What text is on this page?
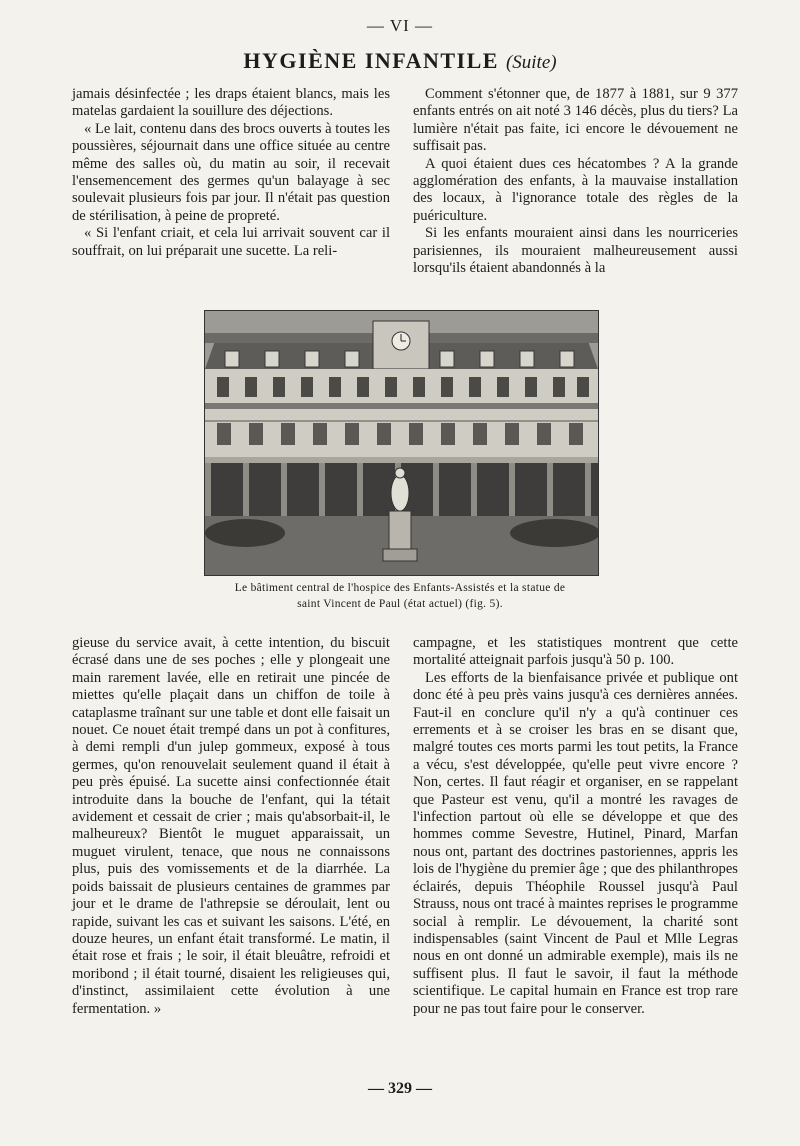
— VI —
HYGIÈNE INFANTILE (Suite)

jamais désinfectée ; les draps étaient blancs, mais les matelas gardaient la souillure des déjections.

« Le lait, contenu dans des brocs ouverts à toutes les poussières, séjournait dans une office située au centre même des salles où, du matin au soir, il recevait l'ensemencement des germes qu'un balayage à sec soulevait plusieurs fois par jour. Il n'était pas question de stérilisation, à peine de propreté.

« Si l'enfant criait, et cela lui arrivait souvent car il souffrait, on lui préparait une sucette. La reli-

Comment s'étonner que, de 1877 à 1881, sur 9 377 enfants entrés on ait noté 3 146 décès, plus du tiers? La lumière n'était pas faite, ici encore le dévouement ne suffisait pas.

A quoi étaient dues ces hécatombes ? A la grande agglomération des enfants, à la mauvaise installation des locaux, à l'ignorance totale des règles de la puériculture.

Si les enfants mouraient ainsi dans les nourriceries parisiennes, ils mouraient malheureusement aussi lorsqu'ils étaient abandonnés à la

Le bâtiment central de l'hospice des Enfants-Assistés et la statue de
saint Vincent de Paul (état actuel) (fig. 5).

gieuse du service avait, à cette intention, du biscuit écrasé dans une de ses poches ; elle y plongeait une main rarement lavée, elle en retirait une pincée de miettes qu'elle plaçait dans un chiffon de toile à cataplasme traînant sur une table et dont elle faisait un nouet. Ce nouet était trempé dans un pot à confitures, à demi rempli d'un julep gommeux, exposé à tous germes, qu'on renouvelait seulement quand il était à peu près épuisé. La sucette ainsi confectionnée était introduite dans la bouche de l'enfant, qui la tétait avidement et cessait de crier ; mais qu'absorbait-il, le malheureux? Bientôt le muguet apparaissait, un muguet virulent, tenace, que nous ne connaissons plus, puis des vomissements et de la diarrhée. La poids baissait de plusieurs centaines de grammes par jour et le drame de l'athrepsie se déroulait, lent ou rapide, suivant les cas et suivant les saisons. L'été, en douze heures, un enfant était transformé. Le matin, il était rose et frais ; le soir, il était bleuâtre, refroidi et moribond ; il était tourné, disaient les religieuses qui, d'instinct, assimilaient cette évolution à une fermentation. »

campagne, et les statistiques montrent que cette mortalité atteignait parfois jusqu'à 50 p. 100.

Les efforts de la bienfaisance privée et publique ont donc été à peu près vains jusqu'à ces dernières années. Faut-il en conclure qu'il n'y a qu'à continuer ces errements et à se croiser les bras en se disant que, malgré toutes ces morts parmi les tout petits, la France a vécu, s'est développée, qu'elle peut vivre encore ? Non, certes. Il faut réagir et organiser, en se rappelant que Pasteur est venu, qu'il a montré les ravages de l'infection partout où elle se développe et que des hommes comme Sevestre, Hutinel, Pinard, Marfan nous ont, partant des doctrines pastoriennes, appris les lois de l'hygiène du premier âge ; que des philanthropes éclairés, depuis Théophile Roussel jusqu'à Paul Strauss, nous ont tracé à maintes reprises le programme social à remplir. Le dévouement, la charité sont indispensables (saint Vincent de Paul et Mlle Legras nous en ont donné un admirable exemple), mais ils ne suffisent plus. Il faut le savoir, il faut la méthode scientifique. Le capital humain en France est trop rare pour ne pas tout faire pour le conserver.

— 329 —
